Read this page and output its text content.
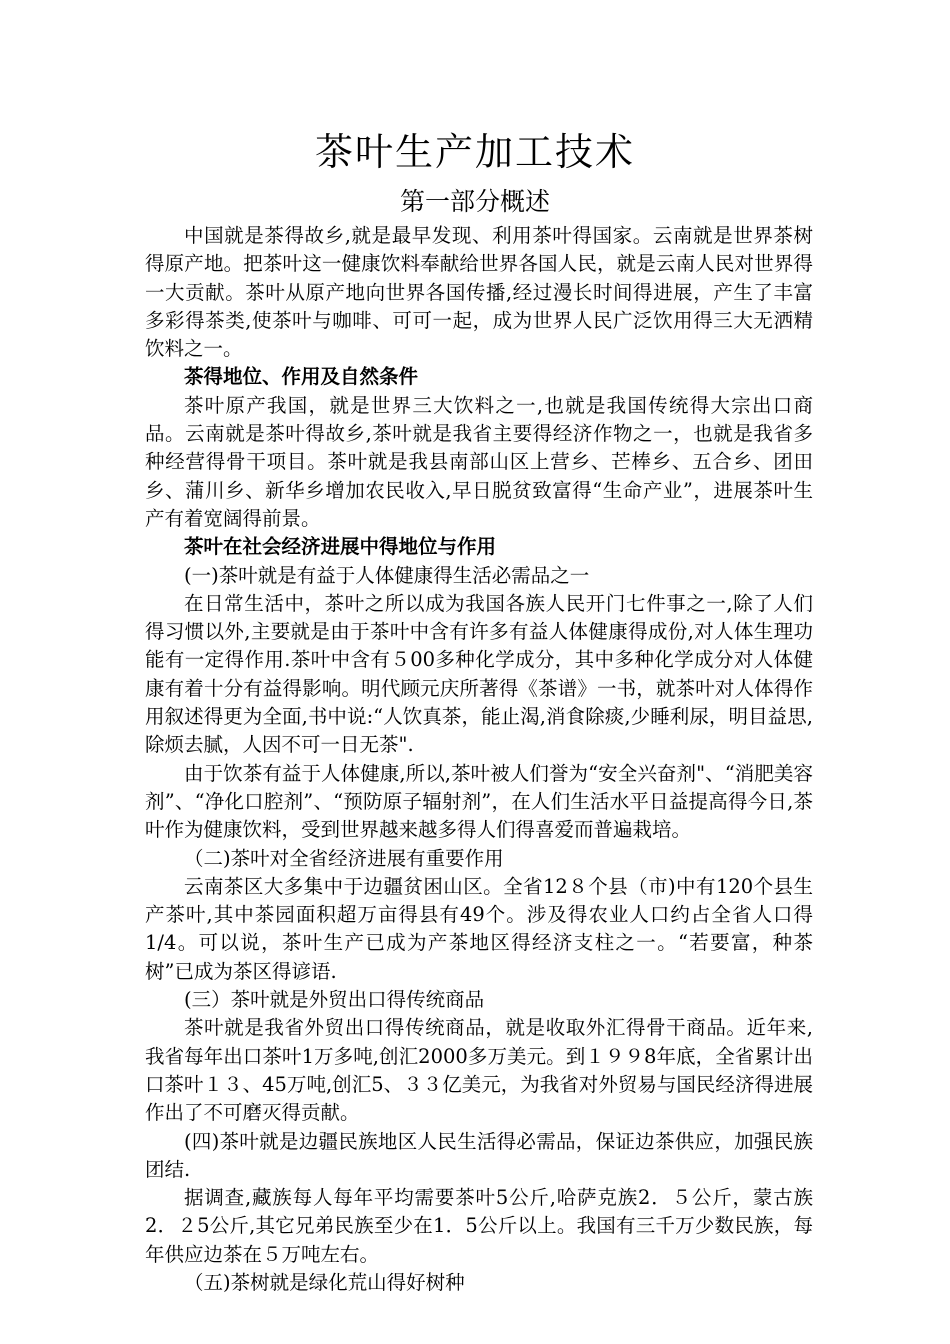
茶叶生产加工技术
第一部分概述

中国就是茶得故乡,就是最早发现、利用茶叶得国家。云南就是世界茶树得原产地。把茶叶这一健康饮料奉献给世界各国人民，就是云南人民对世界得一大贡献。茶叶从原产地向世界各国传播,经过漫长时间得进展，产生了丰富多彩得茶类,使茶叶与咖啡、可可一起，成为世界人民广泛饮用得三大无洒精饮料之一。

茶得地位、作用及自然条件

茶叶原产我国，就是世界三大饮料之一,也就是我国传统得大宗出口商品。云南就是茶叶得故乡,茶叶就是我省主要得经济作物之一，也就是我省多种经营得骨干项目。茶叶就是我县南部山区上营乡、芒棒乡、五合乡、团田乡、蒲川乡、新华乡增加农民收入,早日脱贫致富得“生命产业”，进展茶叶生产有着宽阔得前景。

茶叶在社会经济进展中得地位与作用

(一)茶叶就是有益于人体健康得生活必需品之一

在日常生活中，茶叶之所以成为我国各族人民开门七件事之一,除了人们得习惯以外,主要就是由于茶叶中含有许多有益人体健康得成份,对人体生理功能有一定得作用.茶叶中含有５00多种化学成分，其中多种化学成分对人体健康有着十分有益得影响。明代顾元庆所著得《茶谱》一书，就茶叶对人体得作用叙述得更为全面,书中说:“人饮真茶，能止渴,消食除痰,少睡利尿，明目益思,除烦去腻，人因不可一日无茶".

由于饮茶有益于人体健康,所以,茶叶被人们誉为“安全兴奋剂"、“消肥美容剂”、“净化口腔剂”、“预防原子辐射剂”，在人们生活水平日益提高得今日,茶叶作为健康饮料，受到世界越来越多得人们得喜爱而普遍栽培。

（二)茶叶对全省经济进展有重要作用

云南茶区大多集中于边疆贫困山区。全省12８个县（市)中有120个县生产茶叶,其中茶园面积超万亩得县有49个。涉及得农业人口约占全省人口得1/4。可以说，茶叶生产已成为产茶地区得经济支柱之一。“若要富，种茶树”已成为茶区得谚语.

(三）茶叶就是外贸出口得传统商品

茶叶就是我省外贸出口得传统商品，就是收取外汇得骨干商品。近年来,我省每年出口茶叶1万多吨,创汇2000多万美元。到１９９8年底，全省累计出口茶叶１３、45万吨,创汇5、３３亿美元，为我省对外贸易与国民经济得进展作出了不可磨灭得贡献。

(四)茶叶就是边疆民族地区人民生活得必需品，保证边茶供应，加强民族团结.

据调查,藏族每人每年平均需要茶叶5公斤,哈萨克族2．５公斤，蒙古族2．２5公斤,其它兄弟民族至少在1．5公斤以上。我国有三千万少数民族，每年供应边茶在５万吨左右。

（五)茶树就是绿化荒山得好树种
